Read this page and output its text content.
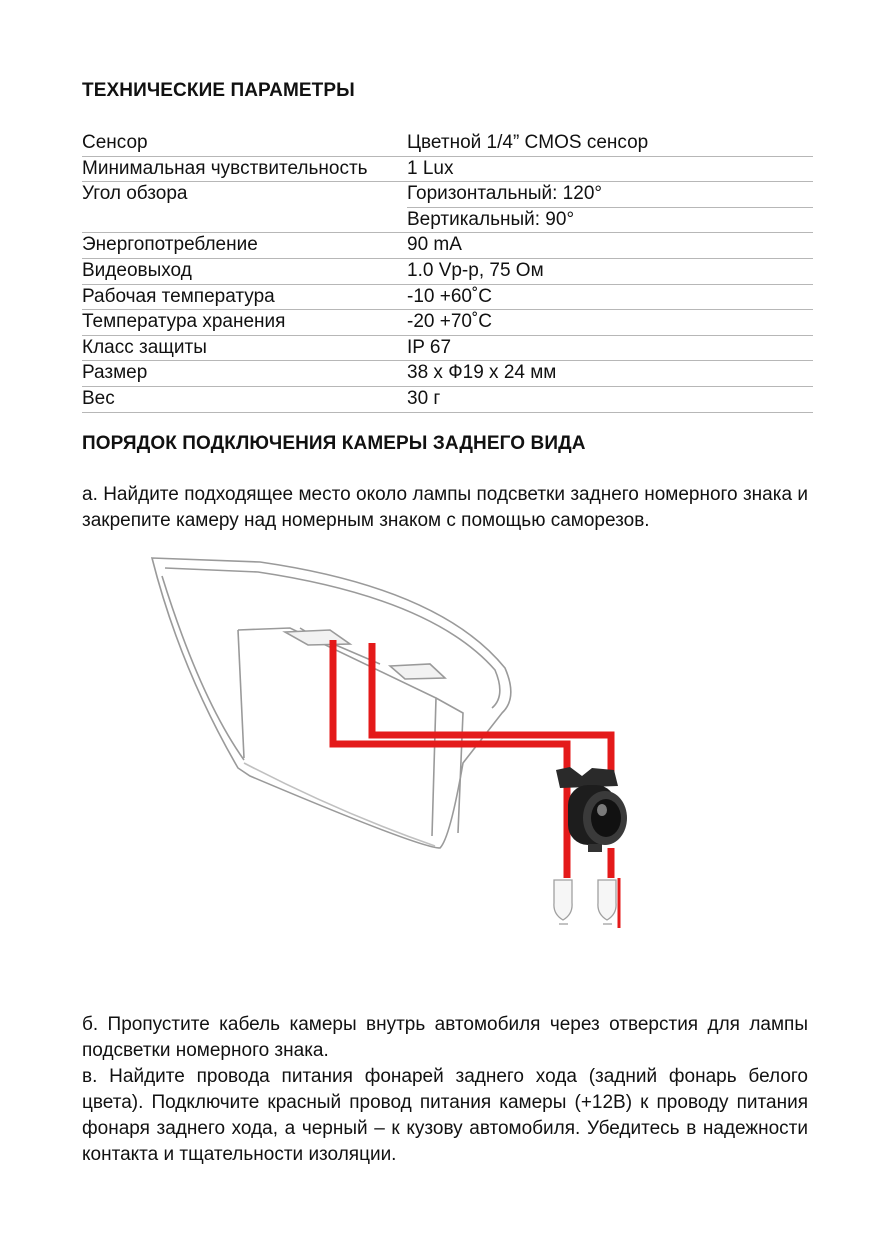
ТЕХНИЧЕСКИЕ ПАРАМЕТРЫ
Сенсор	Цветной 1/4” CMOS сенсор

Минимальная чувствительность	1 Lux

Угол обзора	Горизонтальный: 120°
Вертикальный: 90°

Энергопотребление	90 mA

Видеовыход	1.0 Vp-p, 75 Ом

Рабочая температура	-10 +60˚C

Температура хранения	-20 +70˚C

Класс защиты	IP 67

Размер	38 х Ф19 х 24 мм

Вес	30 г
ПОРЯДОК ПОДКЛЮЧЕНИЯ КАМЕРЫ ЗАДНЕГО ВИДА

а. Найдите подходящее место около лампы подсветки заднего номерного знака и закрепите камеру над номерным знаком с помощью саморезов.

б. Пропустите кабель камеры внутрь автомобиля через отверстия для лампы подсветки номерного знака.

в. Найдите провода питания фонарей заднего хода (задний фонарь белого цвета). Подключите красный провод питания камеры (+12В) к проводу питания фонаря заднего хода, а черный – к кузову автомобиля. Убедитесь в надежности контакта и тщательности изоляции.
